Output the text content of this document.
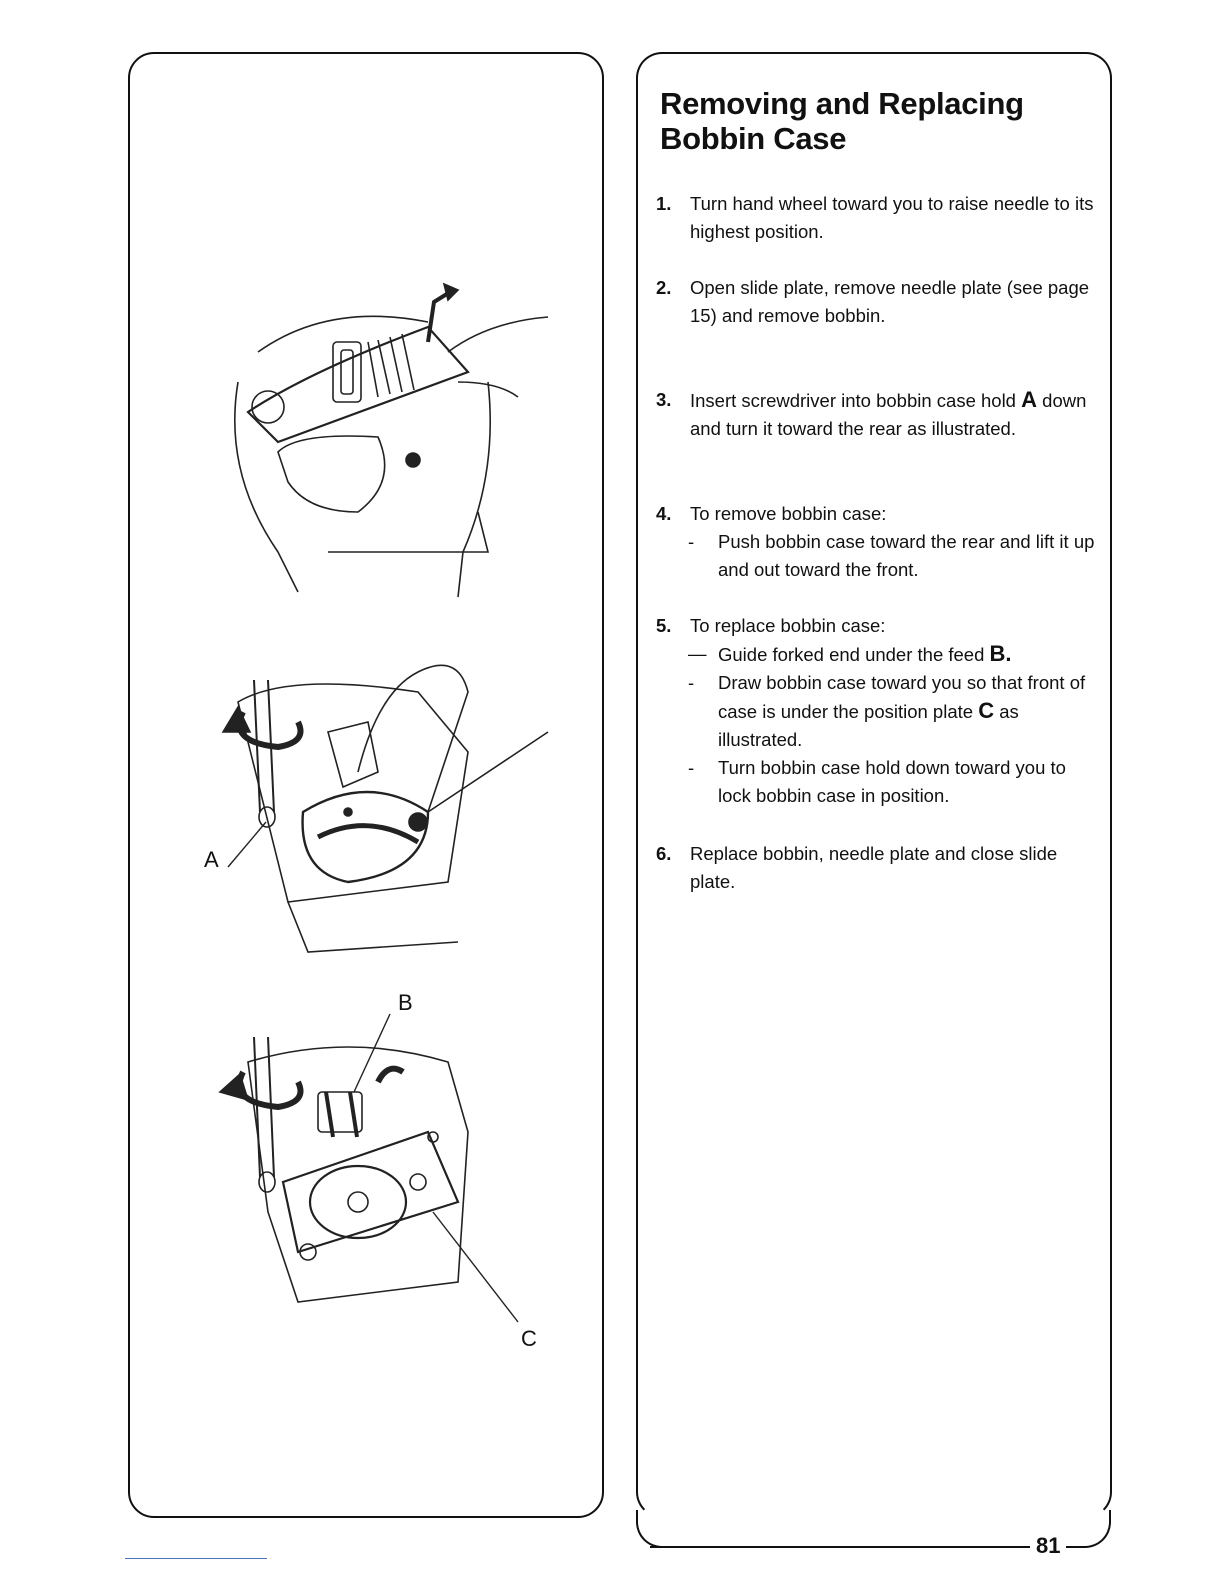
81
A
B
C
Removing and Replacing
Bobbin Case
1. Turn hand wheel toward you to raise needle to its highest position.
2. Open slide plate, remove needle plate (see page 15) and remove bobbin.
3. Insert screwdriver into bobbin case hold A down and turn it toward the rear as illustrated.
4. To remove bobbin case:
- Push bobbin case toward the rear and lift it up and out toward the front.
5. To replace bobbin case:
— Guide forked end under the feed B.
- Draw bobbin case toward you so that front of case is under the position plate C as illustrated.
- Turn bobbin case hold down toward you to lock bobbin case in position.
6. Replace bobbin, needle plate and close slide plate.
